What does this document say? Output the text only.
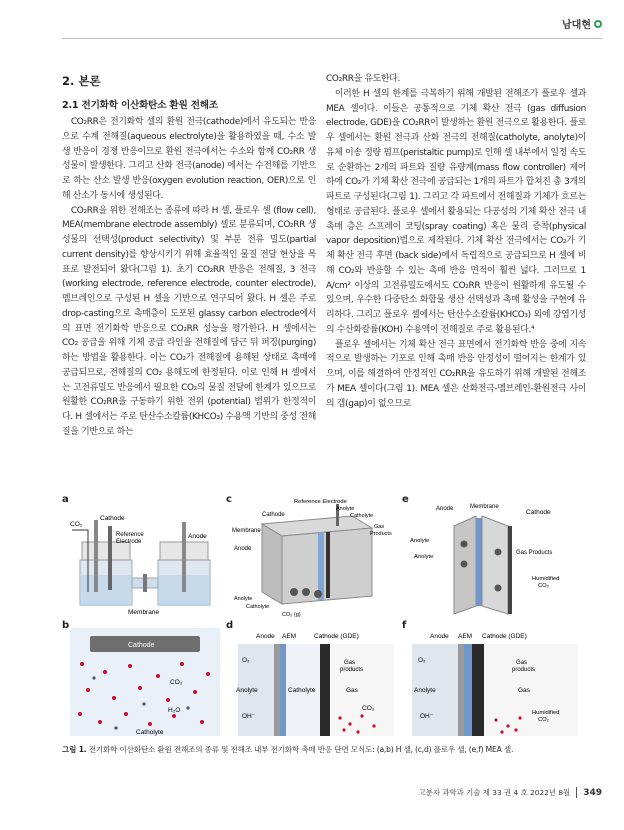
남대현
2. 본론
2.1 전기화학 이산화탄소 환원 전해조

CO₂RR은 전기화학 셀의 환원 전극(cathode)에서 유도되는 반응으로 수계 전해질(aqueous electrolyte)을 활용하였을 때, 수소 발생 반응이 경쟁 반응이므로 환원 전극에서는 수소와 함께 CO₂RR 생성물이 발생한다. 그리고 산화 전극(anode) 에서는 수전해를 기반으로 하는 산소 발생 반응(oxygen evolution reaction, OER)으로 인해 산소가 동시에 생성된다.

CO₂RR을 위한 전해조는 종류에 따라 H 셀, 플로우 셀 (flow cell), MEA(membrane electrode assembly) 셀로 분류되며, CO₂RR 생성물의 선택성(product selectivity) 및 부분 전류 밀도(partial current density)를 향상시키기 위해 효율적인 물질 전달 현상을 목표로 발전되어 왔다(그림 1). 초기 CO₂RR 반응은 전해질, 3 전극(working electrode, reference electrode, counter electrode), 멤브레인으로 구성된 H 셀을 기반으로 연구되어 왔다. H 셀은 주로 drop-casting으로 촉매층이 도포된 glassy carbon electrode에서의 표면 전기화학 반응으로 CO₂RR 성능을 평가한다. H 셀에서는 CO₂ 공급을 위해 기체 공급 라인을 전해질에 담근 뒤 퍼징(purging) 하는 방법을 활용한다. 이는 CO₂가 전해질에 용해된 상태로 촉매에 공급되므로, 전해질의 CO₂ 용해도에 한정된다. 이로 인해 H 셀에서는 고전류밀도 반응에서 필요한 CO₂의 물질 전달에 한계가 있으므로 원활한 CO₂RR을 구동하기 위한 전위 (potential) 범위가 한정적이다. H 셀에서는 주로 탄산수소칼륨(KHCO₃) 수용액 기반의 중성 전해질을 기반으로 하는

CO₂RR을 유도한다.

이러한 H 셀의 한계를 극복하기 위해 개발된 전해조가 플로우 셀과 MEA 셀이다. 이들은 공통적으로 기체 확산 전극 (gas diffusion electrode, GDE)을 CO₂RR이 발생하는 환원 전극으로 활용한다. 플로우 셀에서는 환원 전극과 산화 전극의 전해질(catholyte, anolyte)이 유체 이송 정량 펌프(peristaltic pump)로 인해 셀 내부에서 일정 속도로 순환하는 2개의 파트와 질량 유량계(mass flow controller) 제어 하에 CO₂가 기체 확산 전극에 공급되는 1개의 파트가 합쳐진 총 3개의 파트로 구성된다(그림 1). 그리고 각 파트에서 전해질과 기체가 흐르는 형태로 공급된다. 플로우 셀에서 활용되는 다공성의 기체 확산 전극 내 촉매 층은 스프레이 코팅(spray coating) 혹은 물리 증착(physical vapor deposition)법으로 제작된다. 기체 확산 전극에서는 CO₂가 기체 확산 전극 후면 (back side)에서 독립적으로 공급되므로 H 셀에 비해 CO₂와 반응할 수 있는 촉매 반응 면적이 훨씬 넓다. 그러므로 1 A/cm² 이상의 고전류밀도에서도 CO₂RR 반응이 원활하게 유도될 수 있으며, 우수한 다중탄소 화합물 생산 선택성과 촉매 활성을 구현에 유리하다. 그리고 플로우 셀에서는 탄산수소칼륨(KHCO₃) 외에 강염기성의 수산화칼륨(KOH) 수용액이 전해질로 주로 활용된다.⁴

플로우 셀에서는 기체 확산 전극 표면에서 전기화학 반응 중에 지속적으로 발생하는 기포로 인해 촉매 반응 안정성이 떨어지는 한계가 있으며, 이를 해결하여 안정적인 CO₂RR을 유도하기 위해 개발된 전해조가 MEA 셀이다(그림 1). MEA 셀은 산화전극-멤브레인-환원전극 사이의 갭(gap)이 없으므로

a	c	e
b	d	f
CO₂
Cathode
Reference
Electrode
Anode
Membrane
Cathode
CO₂
H₂O
Catholyte
Reference Electrode
Cathode
Anolyte
Catholyte
Gas
Products
Membrane
Anode
Anolyte
Catholyte
CO₂ (g)
Anode AEM	Cathode (GDE)
O₂	Gas
products
Anolyte	Catholyte	Gas
OH⁻
CO₂
Anode	Membrane
Cathode
Anolyte
Anolyte
Gas Products
Humidified
CO₂
Anode AEM Cathode (GDE)
O₂	Gas
products
Anolyte	Gas
OH⁻	Humidified
CO₂
그림 1. 전기화학 이산화탄소 환원 전해조의 종류 및 전해조 내부 전기화학 촉매 반응 단면 모식도: (a,b) H 셀, (c,d) 플로우 셀, (e,f) MEA 셀.
고분자 과학과 기술 제 33 권 4 호 2022년 8월 349
